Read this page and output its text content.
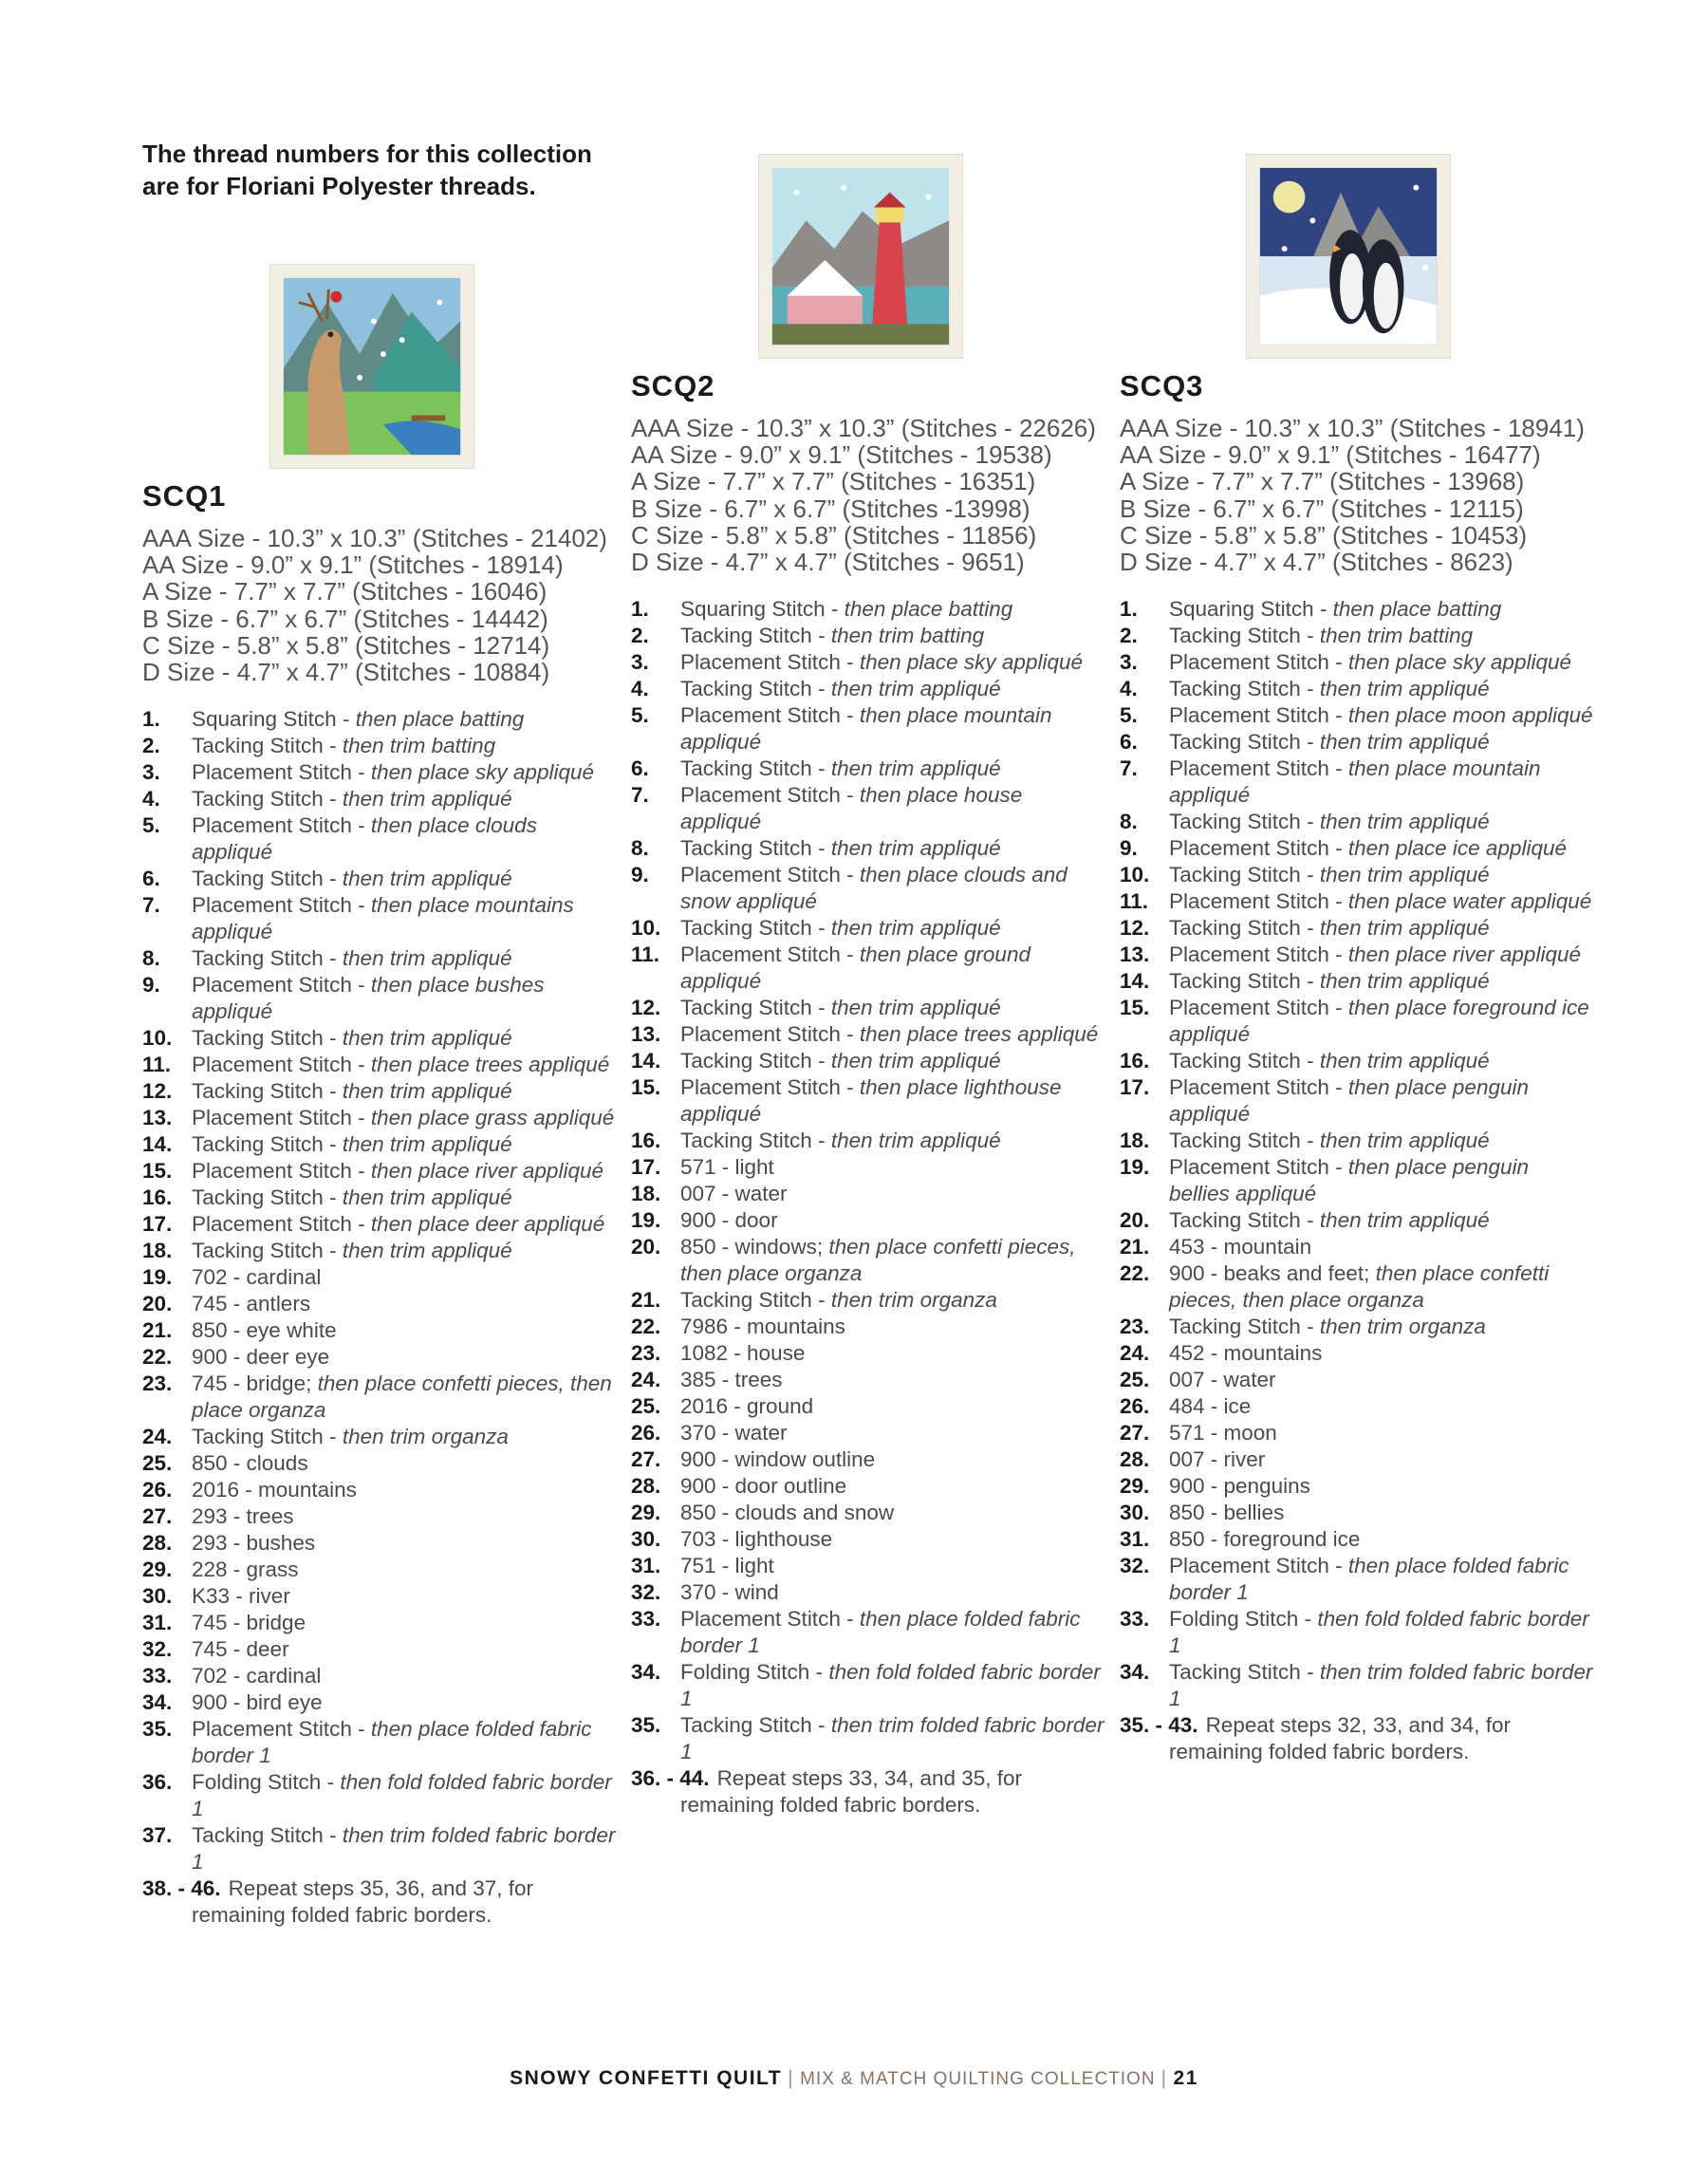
The thread numbers for this collection are for Floriani Polyester threads.
SCQ1
AAA Size - 10.3” x 10.3” (Stitches - 21402)
AA Size - 9.0” x 9.1” (Stitches - 18914)
A Size - 7.7” x 7.7” (Stitches - 16046)
B Size - 6.7” x 6.7” (Stitches - 14442)
C Size - 5.8” x 5.8” (Stitches - 12714)
D Size - 4.7” x 4.7” (Stitches - 10884)
1. Squaring Stitch - then place batting
2. Tacking Stitch - then trim batting
3. Placement Stitch - then place sky appliqué
4. Tacking Stitch - then trim appliqué
5. Placement Stitch - then place clouds appliqué
6. Tacking Stitch - then trim appliqué
7. Placement Stitch - then place mountains appliqué
8. Tacking Stitch - then trim appliqué
9. Placement Stitch - then place bushes appliqué
10. Tacking Stitch - then trim appliqué
11. Placement Stitch - then place trees appliqué
12. Tacking Stitch - then trim appliqué
13. Placement Stitch - then place grass appliqué
14. Tacking Stitch - then trim appliqué
15. Placement Stitch - then place river appliqué
16. Tacking Stitch - then trim appliqué
17. Placement Stitch - then place deer appliqué
18. Tacking Stitch - then trim appliqué
19. 702 - cardinal
20. 745 - antlers
21. 850 - eye white
22. 900 - deer eye
23. 745 - bridge; then place confetti pieces, then place organza
24. Tacking Stitch - then trim organza
25. 850 - clouds
26. 2016 - mountains
27. 293 - trees
28. 293 - bushes
29. 228 - grass
30. K33 - river
31. 745 - bridge
32. 745 - deer
33. 702 - cardinal
34. 900 - bird eye
35. Placement Stitch - then place folded fabric border 1
36. Folding Stitch - then fold folded fabric border 1
37. Tacking Stitch - then trim folded fabric border 1
38. - 46. Repeat steps 35, 36, and 37, for remaining folded fabric borders.
SCQ2
AAA Size - 10.3” x 10.3” (Stitches - 22626)
AA Size - 9.0” x 9.1” (Stitches - 19538)
A Size - 7.7” x 7.7” (Stitches - 16351)
B Size - 6.7” x 6.7” (Stitches -13998)
C Size - 5.8” x 5.8” (Stitches - 11856)
D Size - 4.7” x 4.7” (Stitches - 9651)
1. Squaring Stitch - then place batting
2. Tacking Stitch - then trim batting
3. Placement Stitch - then place sky appliqué
4. Tacking Stitch - then trim appliqué
5. Placement Stitch - then place mountain appliqué
6. Tacking Stitch - then trim appliqué
7. Placement Stitch - then place house appliqué
8. Tacking Stitch - then trim appliqué
9. Placement Stitch - then place clouds and snow appliqué
10. Tacking Stitch - then trim appliqué
11. Placement Stitch - then place ground appliqué
12. Tacking Stitch - then trim appliqué
13. Placement Stitch - then place trees appliqué
14. Tacking Stitch - then trim appliqué
15. Placement Stitch - then place lighthouse appliqué
16. Tacking Stitch - then trim appliqué
17. 571 - light
18. 007 - water
19. 900 - door
20. 850 - windows; then place confetti pieces, then place organza
21. Tacking Stitch - then trim organza
22. 7986 - mountains
23. 1082 - house
24. 385 - trees
25. 2016 - ground
26. 370 - water
27. 900 - window outline
28. 900 - door outline
29. 850 - clouds and snow
30. 703 - lighthouse
31. 751 - light
32. 370 - wind
33. Placement Stitch - then place folded fabric border 1
34. Folding Stitch - then fold folded fabric border 1
35. Tacking Stitch - then trim folded fabric border 1
36. - 44. Repeat steps 33, 34, and 35, for remaining folded fabric borders.
SCQ3
AAA Size - 10.3” x 10.3” (Stitches - 18941)
AA Size - 9.0” x 9.1” (Stitches - 16477)
A Size - 7.7” x 7.7” (Stitches - 13968)
B Size - 6.7” x 6.7” (Stitches - 12115)
C Size - 5.8” x 5.8” (Stitches - 10453)
D Size - 4.7” x 4.7” (Stitches - 8623)
1. Squaring Stitch - then place batting
2. Tacking Stitch - then trim batting
3. Placement Stitch - then place sky appliqué
4. Tacking Stitch - then trim appliqué
5. Placement Stitch - then place moon appliqué
6. Tacking Stitch - then trim appliqué
7. Placement Stitch - then place mountain appliqué
8. Tacking Stitch - then trim appliqué
9. Placement Stitch - then place ice appliqué
10. Tacking Stitch - then trim appliqué
11. Placement Stitch - then place water appliqué
12. Tacking Stitch - then trim appliqué
13. Placement Stitch - then place river appliqué
14. Tacking Stitch - then trim appliqué
15. Placement Stitch - then place foreground ice appliqué
16. Tacking Stitch - then trim appliqué
17. Placement Stitch - then place penguin appliqué
18. Tacking Stitch - then trim appliqué
19. Placement Stitch - then place penguin bellies appliqué
20. Tacking Stitch - then trim appliqué
21. 453 - mountain
22. 900 - beaks and feet; then place confetti pieces, then place organza
23. Tacking Stitch - then trim organza
24. 452 - mountains
25. 007 - water
26. 484 - ice
27. 571 - moon
28. 007 - river
29. 900 - penguins
30. 850 - bellies
31. 850 - foreground ice
32. Placement Stitch - then place folded fabric border 1
33. Folding Stitch - then fold folded fabric border 1
34. Tacking Stitch - then trim folded fabric border 1
35. - 43. Repeat steps 32, 33, and 34, for remaining folded fabric borders.
SNOWY CONFETTI QUILT | MIX & MATCH QUILTING COLLECTION | 21
